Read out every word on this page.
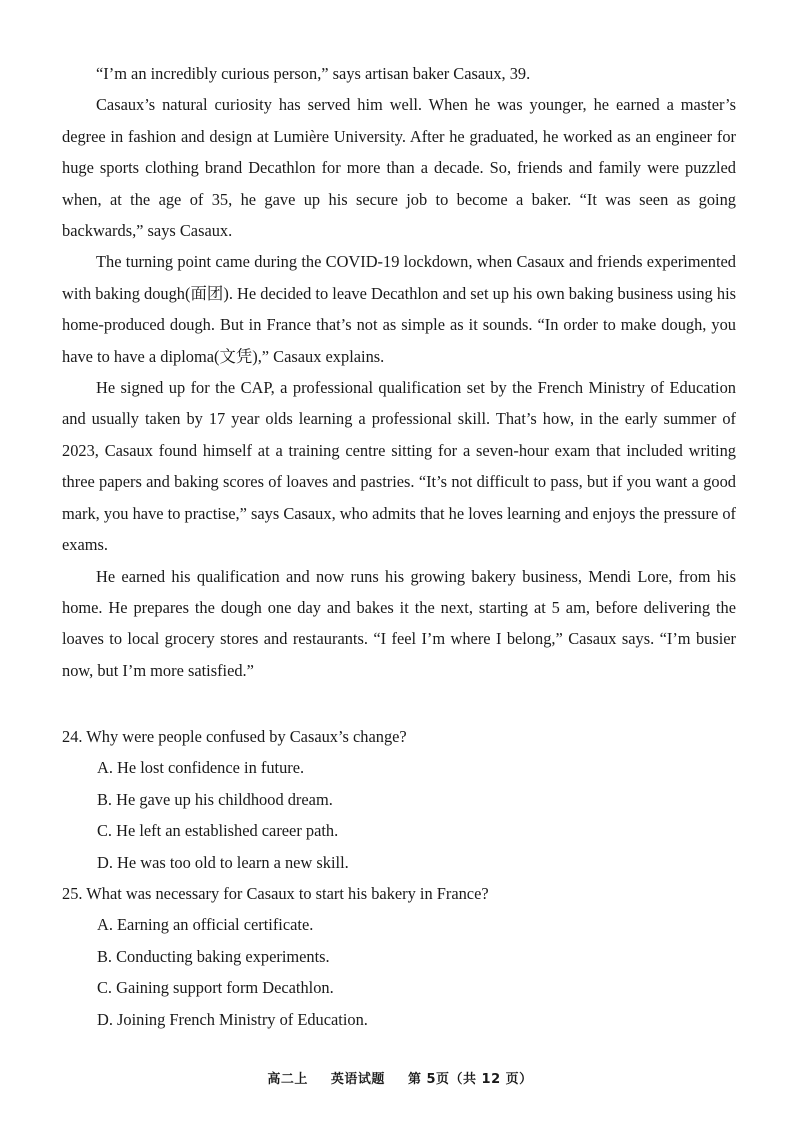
“I’m an incredibly curious person,” says artisan baker Casaux, 39.

Casaux’s natural curiosity has served him well. When he was younger, he earned a master’s degree in fashion and design at Lumière University. After he graduated, he worked as an engineer for huge sports clothing brand Decathlon for more than a decade. So, friends and family were puzzled when, at the age of 35, he gave up his secure job to become a baker. “It was seen as going backwards,” says Casaux.

The turning point came during the COVID-19 lockdown, when Casaux and friends experimented with baking dough(面团). He decided to leave Decathlon and set up his own baking business using his home-produced dough. But in France that’s not as simple as it sounds. “In order to make dough, you have to have a diploma(文凭),” Casaux explains.

He signed up for the CAP, a professional qualification set by the French Ministry of Education and usually taken by 17 year olds learning a professional skill. That’s how, in the early summer of 2023, Casaux found himself at a training centre sitting for a seven-hour exam that included writing three papers and baking scores of loaves and pastries. “It’s not difficult to pass, but if you want a good mark, you have to practise,” says Casaux, who admits that he loves learning and enjoys the pressure of exams.

He earned his qualification and now runs his growing bakery business, Mendi Lore, from his home. He prepares the dough one day and bakes it the next, starting at 5 am, before delivering the loaves to local grocery stores and restaurants. “I feel I’m where I belong,” Casaux says. “I’m busier now, but I’m more satisfied.”

24. Why were people confused by Casaux’s change?

A. He lost confidence in future.

B. He gave up his childhood dream.

C. He left an established career path.

D. He was too old to learn a new skill.

25. What was necessary for Casaux to start his bakery in France?

A. Earning an official certificate.

B. Conducting baking experiments.

C. Gaining support form Decathlon.

D. Joining French Ministry of Education.

高二上 英语试题 第 5页（共 12 页）
